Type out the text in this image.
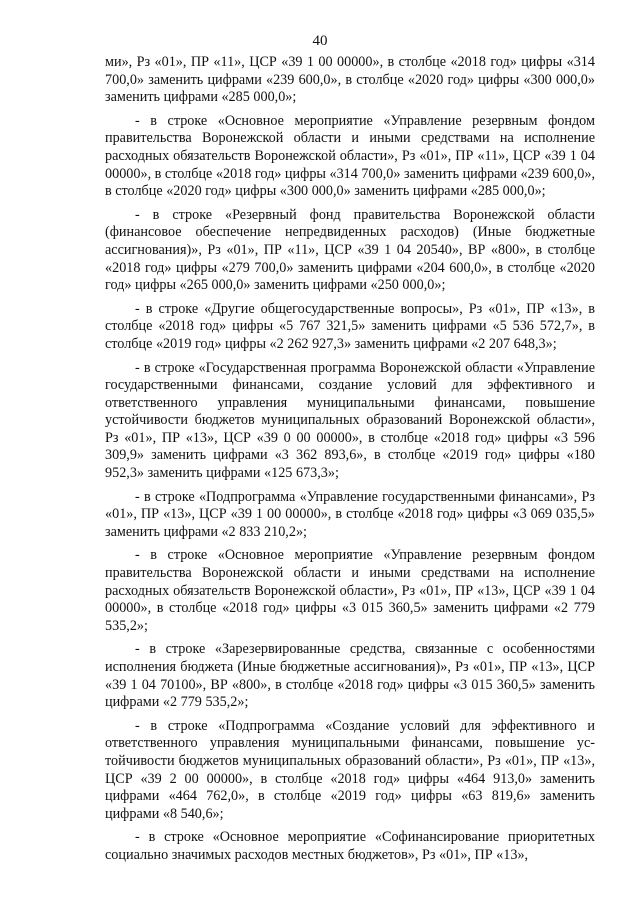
40

ми», Рз «01», ПР «11», ЦСР «39 1 00 00000», в столбце «2018 год» цифры «314 700,0» заменить цифрами «239 600,0», в столбце «2020 год» цифры «300 000,0» заменить цифрами «285 000,0»;

- в строке «Основное мероприятие «Управление резервным фондом правительства Воронежской области и иными средствами на исполнение расходных обязательств Воронежской области», Рз «01», ПР «11», ЦСР «39 1 04 00000», в столбце «2018 год» цифры «314 700,0» заменить цифрами «239 600,0», в столбце «2020 год» цифры «300 000,0» заменить цифрами «285 000,0»;

- в строке «Резервный фонд правительства Воронежской области (финансовое обеспечение непредвиденных расходов) (Иные бюджетные ассигнования)», Рз «01», ПР «11», ЦСР «39 1 04 20540», ВР «800», в столбце «2018 год» цифры «279 700,0» заменить цифрами «204 600,0», в столбце «2020 год» цифры «265 000,0» заменить цифрами «250 000,0»;

- в строке «Другие общегосударственные вопросы», Рз «01», ПР «13», в столбце «2018 год» цифры «5 767 321,5» заменить цифрами «5 536 572,7», в столбце «2019 год» цифры «2 262 927,3» заменить цифрами «2 207 648,3»;

- в строке «Государственная программа Воронежской области «Управление государственными финансами, создание условий для эффективного и ответственного управления муниципальными финансами, повышение устойчивости бюджетов муниципальных образований Воронежской области», Рз «01», ПР «13», ЦСР «39 0 00 00000», в столбце «2018 год» цифры «3 596 309,9» заменить цифрами «3 362 893,6», в столбце «2019 год» цифры «180 952,3» заменить цифрами «125 673,3»;

- в строке «Подпрограмма «Управление государственными финансами», Рз «01», ПР «13», ЦСР «39 1 00 00000», в столбце «2018 год» цифры «3 069 035,5» заменить цифрами «2 833 210,2»;

- в строке «Основное мероприятие «Управление резервным фондом правительства Воронежской области и иными средствами на исполнение расходных обязательств Воронежской области», Рз «01», ПР «13», ЦСР «39 1 04 00000», в столбце «2018 год» цифры «3 015 360,5» заменить цифрами «2 779 535,2»;

- в строке «Зарезервированные средства, связанные с особенностями исполнения бюджета (Иные бюджетные ассигнования)», Рз «01», ПР «13», ЦСР «39 1 04 70100», ВР «800», в столбце «2018 год» цифры «3 015 360,5» заменить цифрами «2 779 535,2»;

- в строке «Подпрограмма «Создание условий для эффективного и ответственного управления муниципальными финансами, повышение устойчивости бюджетов муниципальных образований области», Рз «01», ПР «13», ЦСР «39 2 00 00000», в столбце «2018 год» цифры «464 913,0» заменить цифрами «464 762,0», в столбце «2019 год» цифры «63 819,6» заменить цифрами «8 540,6»;

- в строке «Основное мероприятие «Софинансирование приоритетных социально значимых расходов местных бюджетов», Рз «01», ПР «13»,
